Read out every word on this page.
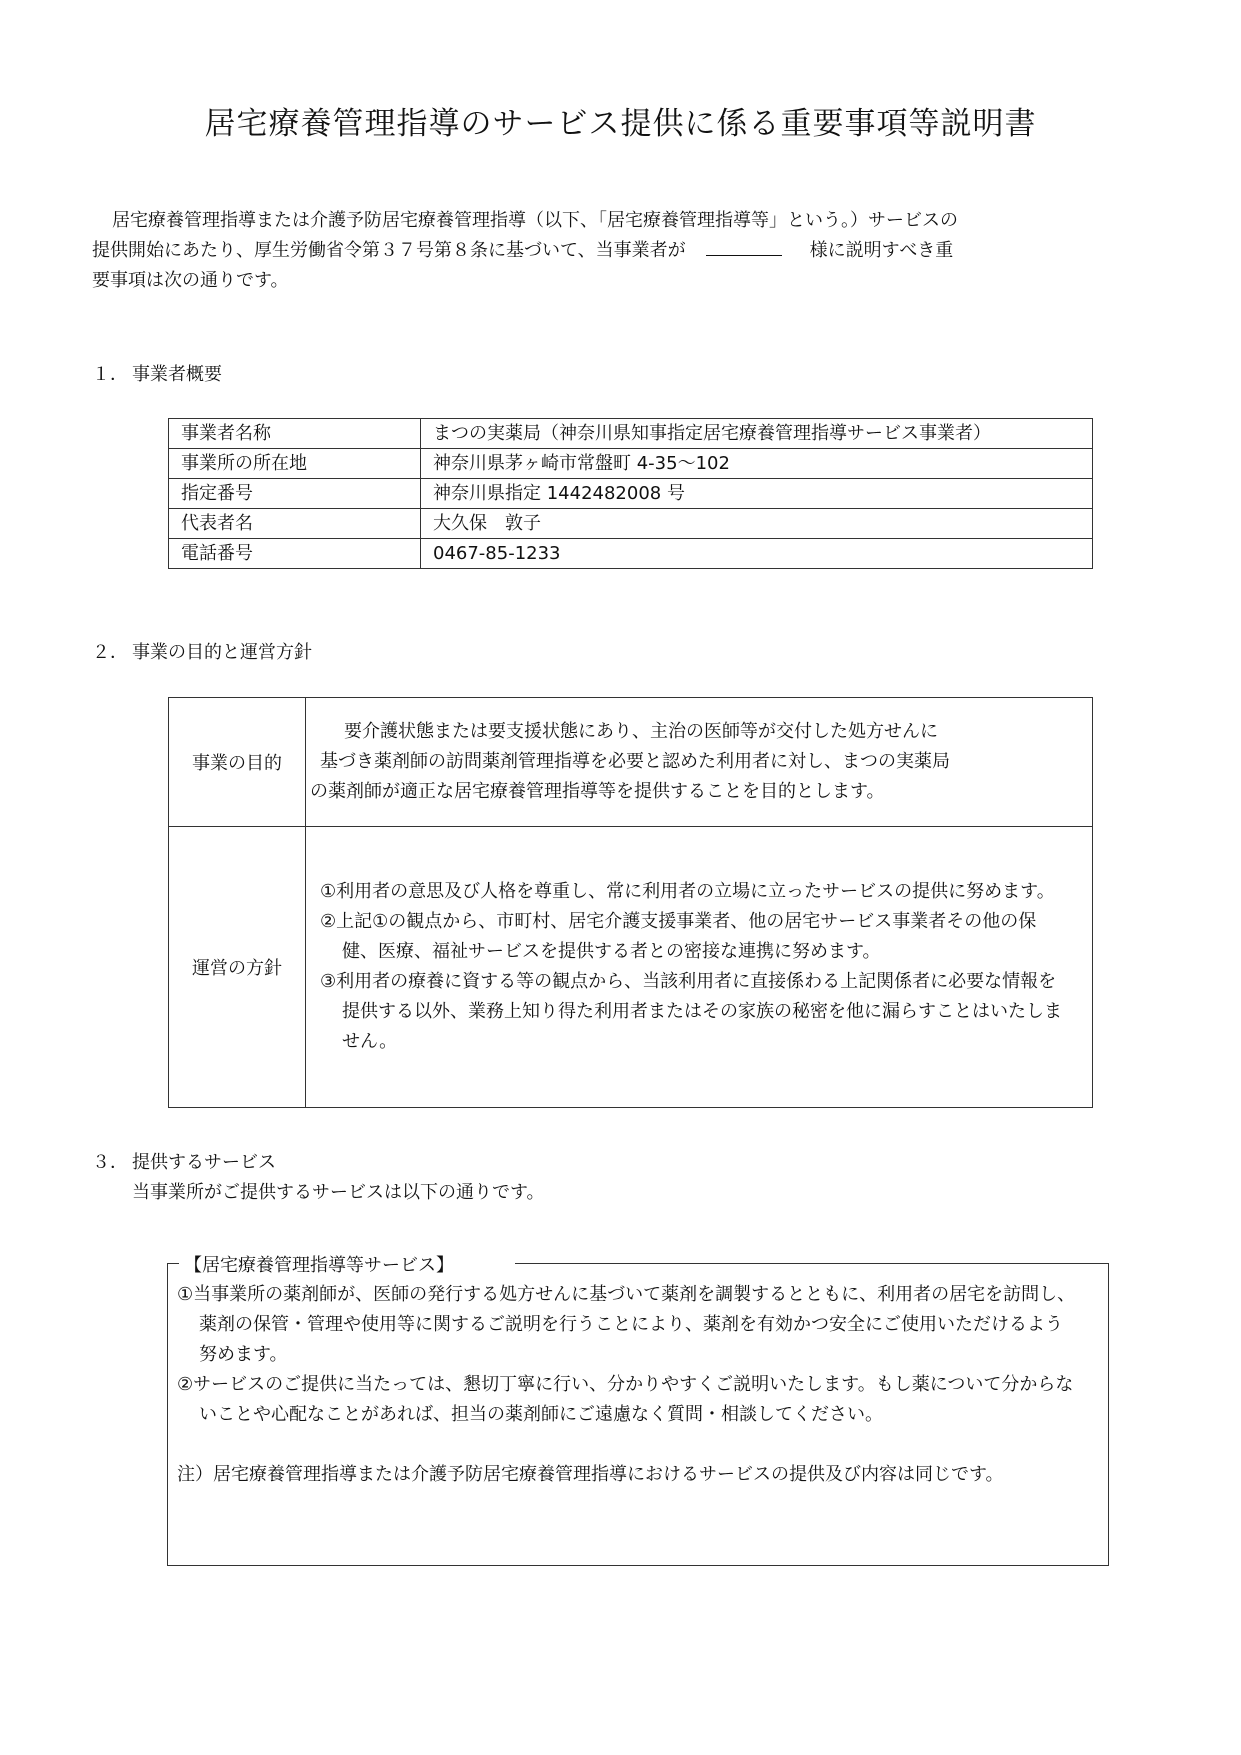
居宅療養管理指導のサービス提供に係る重要事項等説明書
居宅療養管理指導または介護予防居宅療養管理指導（以下、「居宅療養管理指導等」という。）サービスの
提供開始にあたり、厚生労働省令第３７号第８条に基づいて、当事業者が	様に説明すべき重
要事項は次の通りです。
１． 事業者概要
事業者名称	まつの実薬局（神奈川県知事指定居宅療養管理指導サービス事業者）
事業所の所在地	神奈川県茅ヶ崎市常盤町 4-35〜102
指定番号	神奈川県指定 1442482008 号
代表者名	大久保　敦子
電話番号	0467-85-1233
２． 事業の目的と運営方針
事業の目的	要介護状態または要支援状態にあり、主治の医師等が交付した処方せんに
基づき薬剤師の訪問薬剤管理指導を必要と認めた利用者に対し、まつの実薬局
の薬剤師が適正な居宅療養管理指導等を提供することを目的とします。

運営の方針	①利用者の意思及び人格を尊重し、常に利用者の立場に立ったサービスの提供に努めます。
②上記①の観点から、市町村、居宅介護支援事業者、他の居宅サービス事業者その他の保健、医療、福祉サービスを提供する者との密接な連携に努めます。
③利用者の療養に資する等の観点から、当該利用者に直接係わる上記関係者に必要な情報を提供する以外、業務上知り得た利用者またはその家族の秘密を他に漏らすことはいたしません。
３． 提供するサービス
当事業所がご提供するサービスは以下の通りです。
【居宅療養管理指導等サービス】
①当事業所の薬剤師が、医師の発行する処方せんに基づいて薬剤を調製するとともに、利用者の居宅を訪問し、薬剤の保管・管理や使用等に関するご説明を行うことにより、薬剤を有効かつ安全にご使用いただけるよう努めます。
②サービスのご提供に当たっては、懇切丁寧に行い、分かりやすくご説明いたします。もし薬について分からないことや心配なことがあれば、担当の薬剤師にご遠慮なく質問・相談してください。
注）居宅療養管理指導または介護予防居宅療養管理指導におけるサービスの提供及び内容は同じです。
